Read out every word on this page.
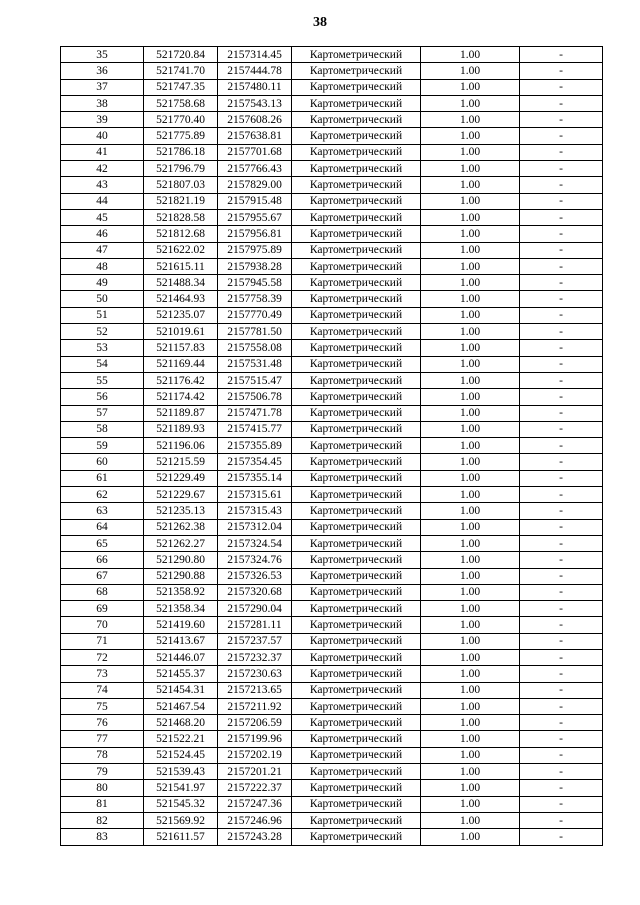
38
35	521720.84	2157314.45	Картометрический	1.00	-
36	521741.70	2157444.78	Картометрический	1.00	-
37	521747.35	2157480.11	Картометрический	1.00	-
38	521758.68	2157543.13	Картометрический	1.00	-
39	521770.40	2157608.26	Картометрический	1.00	-
40	521775.89	2157638.81	Картометрический	1.00	-
41	521786.18	2157701.68	Картометрический	1.00	-
42	521796.79	2157766.43	Картометрический	1.00	-
43	521807.03	2157829.00	Картометрический	1.00	-
44	521821.19	2157915.48	Картометрический	1.00	-
45	521828.58	2157955.67	Картометрический	1.00	-
46	521812.68	2157956.81	Картометрический	1.00	-
47	521622.02	2157975.89	Картометрический	1.00	-
48	521615.11	2157938.28	Картометрический	1.00	-
49	521488.34	2157945.58	Картометрический	1.00	-
50	521464.93	2157758.39	Картометрический	1.00	-
51	521235.07	2157770.49	Картометрический	1.00	-
52	521019.61	2157781.50	Картометрический	1.00	-
53	521157.83	2157558.08	Картометрический	1.00	-
54	521169.44	2157531.48	Картометрический	1.00	-
55	521176.42	2157515.47	Картометрический	1.00	-
56	521174.42	2157506.78	Картометрический	1.00	-
57	521189.87	2157471.78	Картометрический	1.00	-
58	521189.93	2157415.77	Картометрический	1.00	-
59	521196.06	2157355.89	Картометрический	1.00	-
60	521215.59	2157354.45	Картометрический	1.00	-
61	521229.49	2157355.14	Картометрический	1.00	-
62	521229.67	2157315.61	Картометрический	1.00	-
63	521235.13	2157315.43	Картометрический	1.00	-
64	521262.38	2157312.04	Картометрический	1.00	-
65	521262.27	2157324.54	Картометрический	1.00	-
66	521290.80	2157324.76	Картометрический	1.00	-
67	521290.88	2157326.53	Картометрический	1.00	-
68	521358.92	2157320.68	Картометрический	1.00	-
69	521358.34	2157290.04	Картометрический	1.00	-
70	521419.60	2157281.11	Картометрический	1.00	-
71	521413.67	2157237.57	Картометрический	1.00	-
72	521446.07	2157232.37	Картометрический	1.00	-
73	521455.37	2157230.63	Картометрический	1.00	-
74	521454.31	2157213.65	Картометрический	1.00	-
75	521467.54	2157211.92	Картометрический	1.00	-
76	521468.20	2157206.59	Картометрический	1.00	-
77	521522.21	2157199.96	Картометрический	1.00	-
78	521524.45	2157202.19	Картометрический	1.00	-
79	521539.43	2157201.21	Картометрический	1.00	-
80	521541.97	2157222.37	Картометрический	1.00	-
81	521545.32	2157247.36	Картометрический	1.00	-
82	521569.92	2157246.96	Картометрический	1.00	-
83	521611.57	2157243.28	Картометрический	1.00	-
